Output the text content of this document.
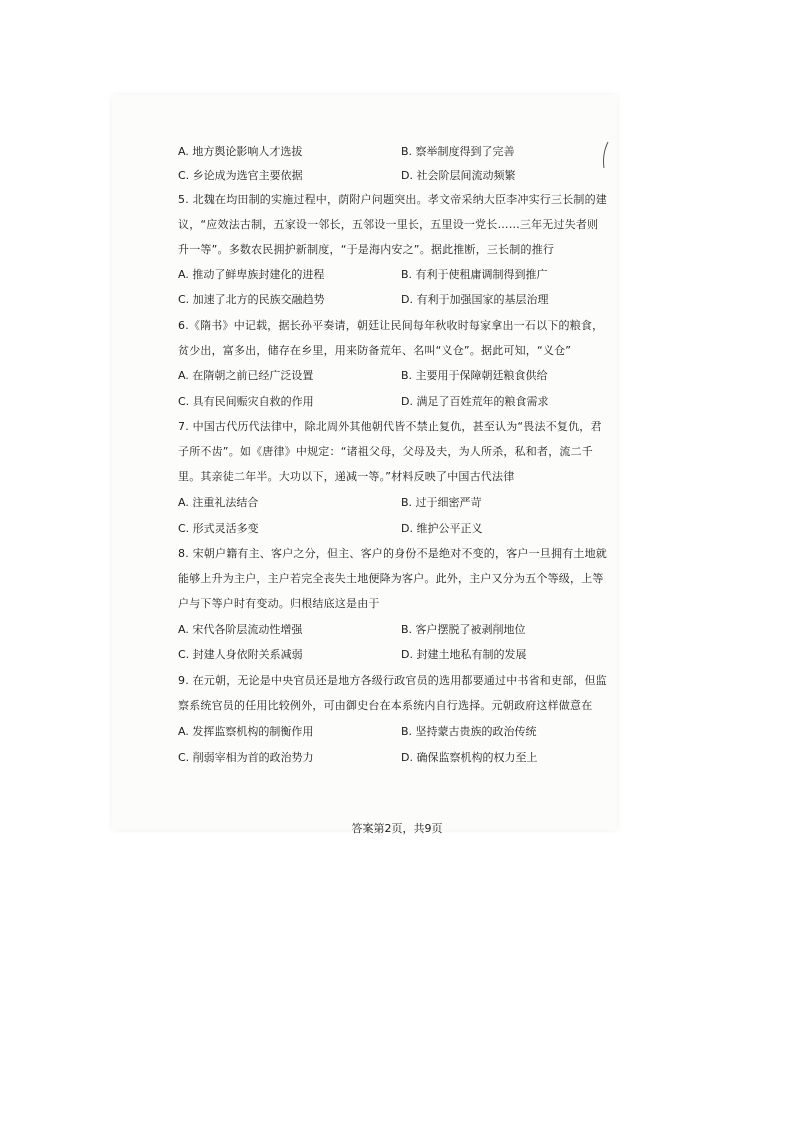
A. 地方舆论影响人才选拔	B. 察举制度得到了完善
C. 乡论成为选官主要依据	D. 社会阶层间流动频繁
5. 北魏在均田制的实施过程中，荫附户问题突出。孝文帝采纳大臣李冲实行三长制的建
议，“应效法古制，五家设一邻长，五邻设一里长，五里设一党长……三年无过失者则
升一等”。多数农民拥护新制度，“于是海内安之”。据此推断，三长制的推行
A. 推动了鲜卑族封建化的进程	B. 有利于使租庸调制得到推广
C. 加速了北方的民族交融趋势	D. 有利于加强国家的基层治理
6.《隋书》中记载，据长孙平奏请，朝廷让民间每年秋收时每家拿出一石以下的粮食，
贫少出，富多出，储存在乡里，用来防备荒年、名叫“义仓”。据此可知，“义仓”
A. 在隋朝之前已经广泛设置	B. 主要用于保障朝廷粮食供给
C. 具有民间赈灾自救的作用	D. 满足了百姓荒年的粮食需求
7. 中国古代历代法律中，除北周外其他朝代皆不禁止复仇，甚至认为“畏法不复仇，君
子所不齿”。如《唐律》中规定：“诸祖父母，父母及夫，为人所杀，私和者，流二千
里。其亲徒二年半。大功以下，递减一等。”材料反映了中国古代法律
A. 注重礼法结合	B. 过于细密严苛
C. 形式灵活多变	D. 维护公平正义
8. 宋朝户籍有主、客户之分，但主、客户的身份不是绝对不变的，客户一旦拥有土地就
能够上升为主户，主户若完全丧失土地便降为客户。此外，主户又分为五个等级，上等
户与下等户时有变动。归根结底这是由于
A. 宋代各阶层流动性增强	B. 客户摆脱了被剥削地位
C. 封建人身依附关系减弱	D. 封建土地私有制的发展
9. 在元朝，无论是中央官员还是地方各级行政官员的选用都要通过中书省和吏部，但监
察系统官员的任用比较例外，可由御史台在本系统内自行选择。元朝政府这样做意在
A. 发挥监察机构的制衡作用	B. 坚持蒙古贵族的政治传统
C. 削弱宰相为首的政治势力	D. 确保监察机构的权力至上
答案第2页，共9页
